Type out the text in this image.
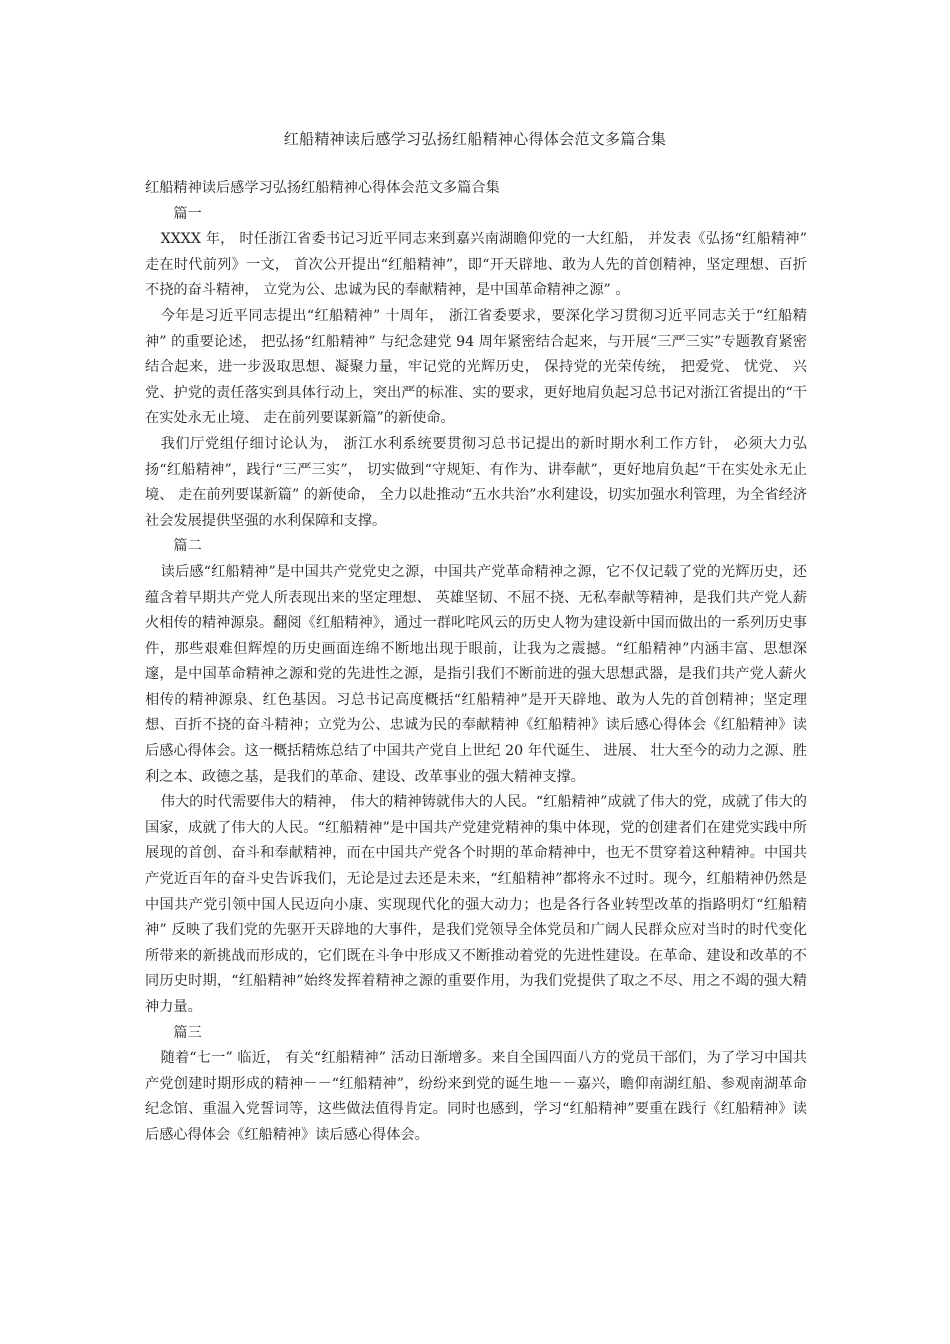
红船精神读后感学习弘扬红船精神心得体会范文多篇合集

红船精神读后感学习弘扬红船精神心得体会范文多篇合集

篇一

XXXX 年， 时任浙江省委书记习近平同志来到嘉兴南湖瞻仰党的一大红船， 并发表《弘扬“红船精神” 走在时代前列》一文， 首次公开提出“红船精神”，即“开天辟地、敢为人先的首创精神，坚定理想、百折不挠的奋斗精神， 立党为公、忠诚为民的奉献精神，是中国革命精神之源” 。

今年是习近平同志提出“红船精神” 十周年， 浙江省委要求，要深化学习贯彻习近平同志关于“红船精神” 的重要论述， 把弘扬“红船精神” 与纪念建党 94 周年紧密结合起来，与开展“三严三实”专题教育紧密结合起来，进一步汲取思想、凝聚力量，牢记党的光辉历史， 保持党的光荣传统， 把爱党、 忧党、 兴党、护党的责任落实到具体行动上，突出严的标准、实的要求，更好地肩负起习总书记对浙江省提出的“干在实处永无止境、 走在前列要谋新篇”的新使命。

我们厅党组仔细讨论认为， 浙江水利系统要贯彻习总书记提出的新时期水利工作方针， 必须大力弘扬“红船精神”，践行“三严三实”， 切实做到“守规矩、有作为、讲奉献”，更好地肩负起“干在实处永无止境、 走在前列要谋新篇” 的新使命， 全力以赴推动“五水共治”水利建设，切实加强水利管理，为全省经济社会发展提供坚强的水利保障和支撑。

篇二

读后感“红船精神”是中国共产党党史之源，中国共产党革命精神之源，它不仅记载了党的光辉历史，还蕴含着早期共产党人所表现出来的坚定理想、 英雄坚韧、不屈不挠、无私奉献等精神，是我们共产党人薪火相传的精神源泉。翻阅《红船精神》，通过一群叱咤风云的历史人物为建设新中国而做出的一系列历史事件，那些艰难但辉煌的历史画面连绵不断地出现于眼前，让我为之震撼。“红船精神”内涵丰富、思想深邃，是中国革命精神之源和党的先进性之源，是指引我们不断前进的强大思想武器，是我们共产党人薪火相传的精神源泉、红色基因。习总书记高度概括“红船精神”是开天辟地、敢为人先的首创精神；坚定理想、百折不挠的奋斗精神；立党为公、忠诚为民的奉献精神《红船精神》读后感心得体会《红船精神》读后感心得体会。这一概括精炼总结了中国共产党自上世纪 20 年代诞生、 进展、 壮大至今的动力之源、胜利之本、政德之基，是我们的革命、建设、改革事业的强大精神支撑。

伟大的时代需要伟大的精神， 伟大的精神铸就伟大的人民。“红船精神”成就了伟大的党，成就了伟大的国家，成就了伟大的人民。“红船精神”是中国共产党建党精神的集中体现，党的创建者们在建党实践中所展现的首创、奋斗和奉献精神，而在中国共产党各个时期的革命精神中，也无不贯穿着这种精神。中国共产党近百年的奋斗史告诉我们，无论是过去还是未来，“红船精神”都将永不过时。现今，红船精神仍然是中国共产党引领中国人民迈向小康、实现现代化的强大动力；也是各行各业转型改革的指路明灯“红船精神” 反映了我们党的先驱开天辟地的大事件，是我们党领导全体党员和广阔人民群众应对当时的时代变化所带来的新挑战而形成的，它们既在斗争中形成又不断推动着党的先进性建设。在革命、建设和改革的不同历史时期，“红船精神”始终发挥着精神之源的重要作用，为我们党提供了取之不尽、用之不竭的强大精神力量。

篇三

随着“七一” 临近， 有关“红船精神” 活动日渐增多。来自全国四面八方的党员干部们，为了学习中国共产党创建时期形成的精神－－“红船精神”，纷纷来到党的诞生地－－嘉兴，瞻仰南湖红船、参观南湖革命纪念馆、重温入党誓词等，这些做法值得肯定。同时也感到，学习“红船精神”要重在践行《红船精神》读后感心得体会《红船精神》读后感心得体会。
